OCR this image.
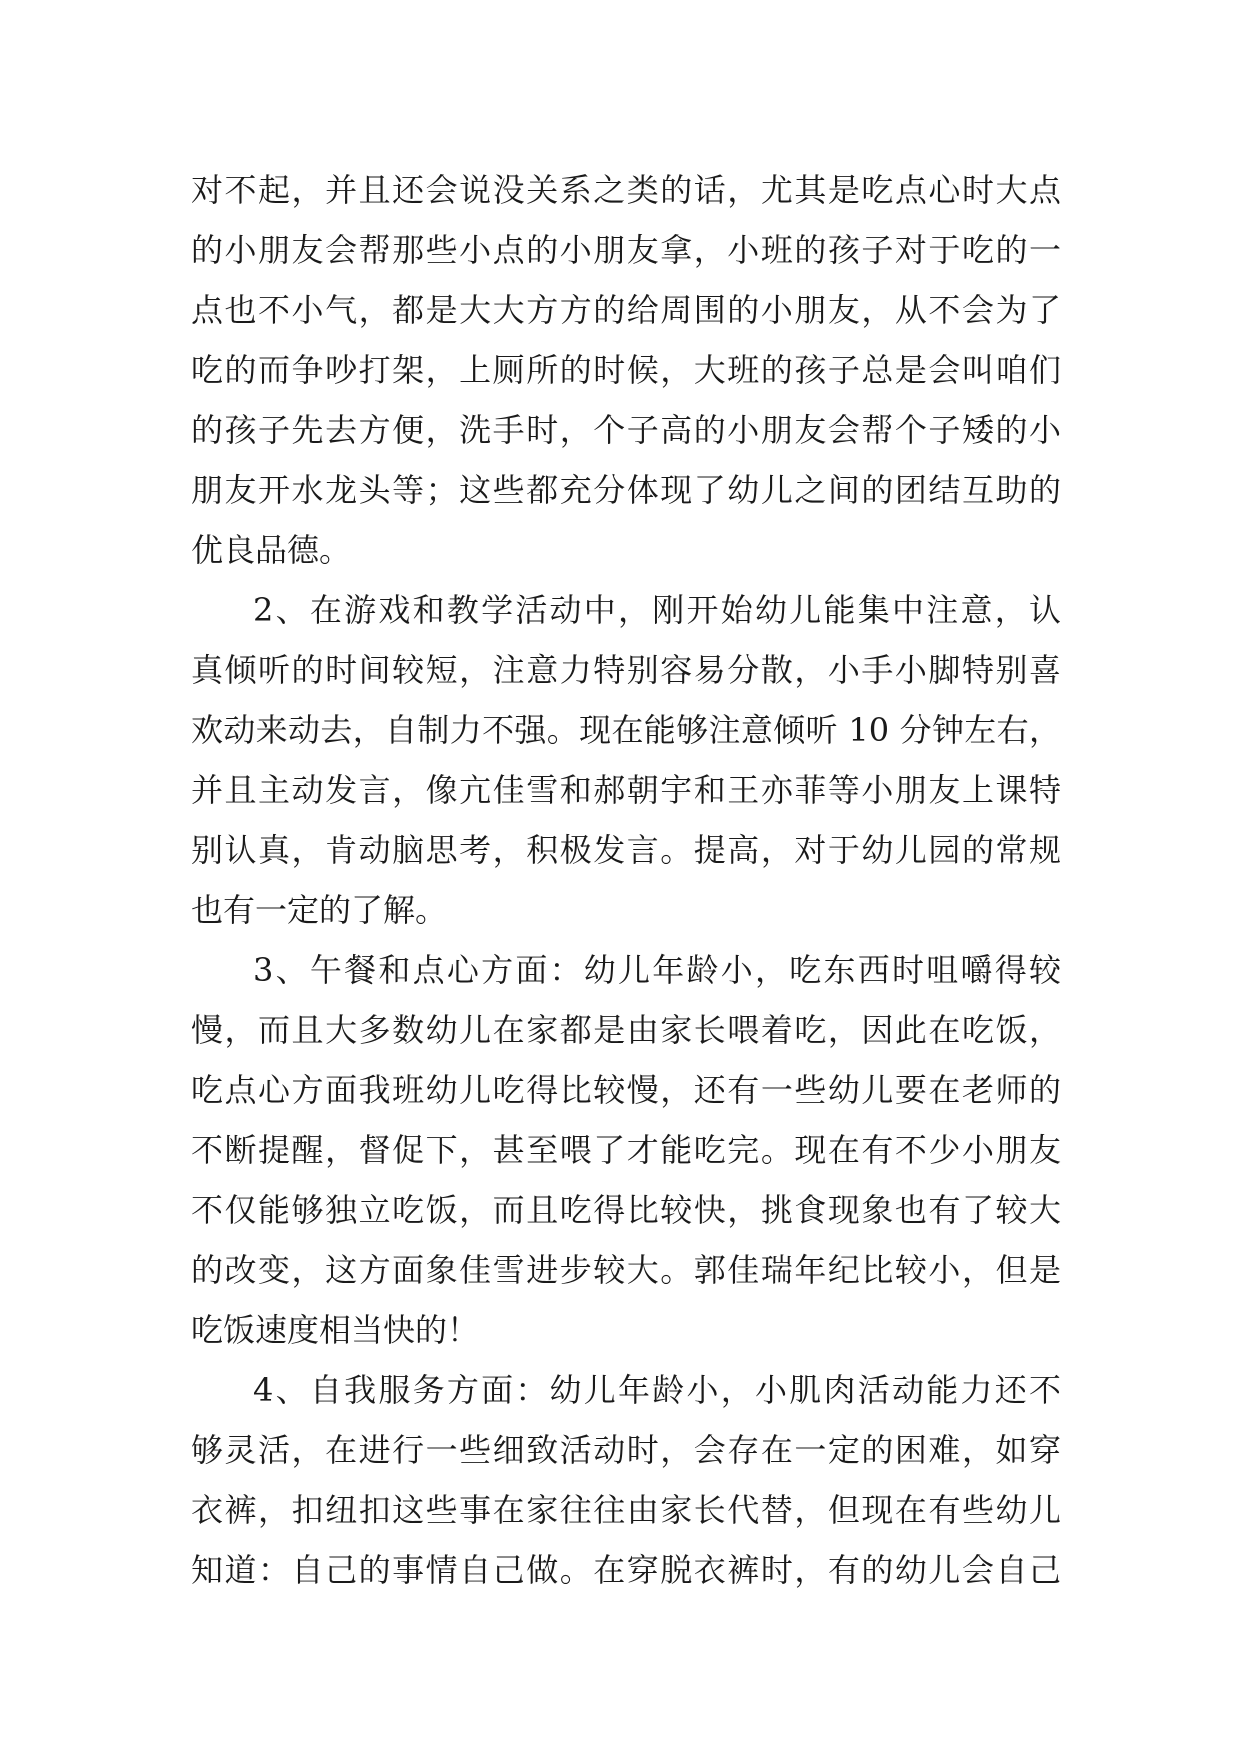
对不起，并且还会说没关系之类的话，尤其是吃点心时大点
的小朋友会帮那些小点的小朋友拿，小班的孩子对于吃的一
点也不小气，都是大大方方的给周围的小朋友，从不会为了
吃的而争吵打架，上厕所的时候，大班的孩子总是会叫咱们
的孩子先去方便，洗手时，个子高的小朋友会帮个子矮的小
朋友开水龙头等；这些都充分体现了幼儿之间的团结互助的
优良品德。
2、在游戏和教学活动中，刚开始幼儿能集中注意，认
真倾听的时间较短，注意力特别容易分散，小手小脚特别喜
欢动来动去，自制力不强。现在能够注意倾听 10 分钟左右，
并且主动发言，像亢佳雪和郝朝宇和王亦菲等小朋友上课特
别认真，肯动脑思考，积极发言。提高，对于幼儿园的常规
也有一定的了解。
3、午餐和点心方面：幼儿年龄小，吃东西时咀嚼得较
慢，而且大多数幼儿在家都是由家长喂着吃，因此在吃饭，
吃点心方面我班幼儿吃得比较慢，还有一些幼儿要在老师的
不断提醒，督促下，甚至喂了才能吃完。现在有不少小朋友
不仅能够独立吃饭，而且吃得比较快，挑食现象也有了较大
的改变，这方面象佳雪进步较大。郭佳瑞年纪比较小，但是
吃饭速度相当快的！
4、自我服务方面：幼儿年龄小，小肌肉活动能力还不
够灵活，在进行一些细致活动时，会存在一定的困难，如穿
衣裤，扣纽扣这些事在家往往由家长代替，但现在有些幼儿
知道：自己的事情自己做。在穿脱衣裤时，有的幼儿会自己
